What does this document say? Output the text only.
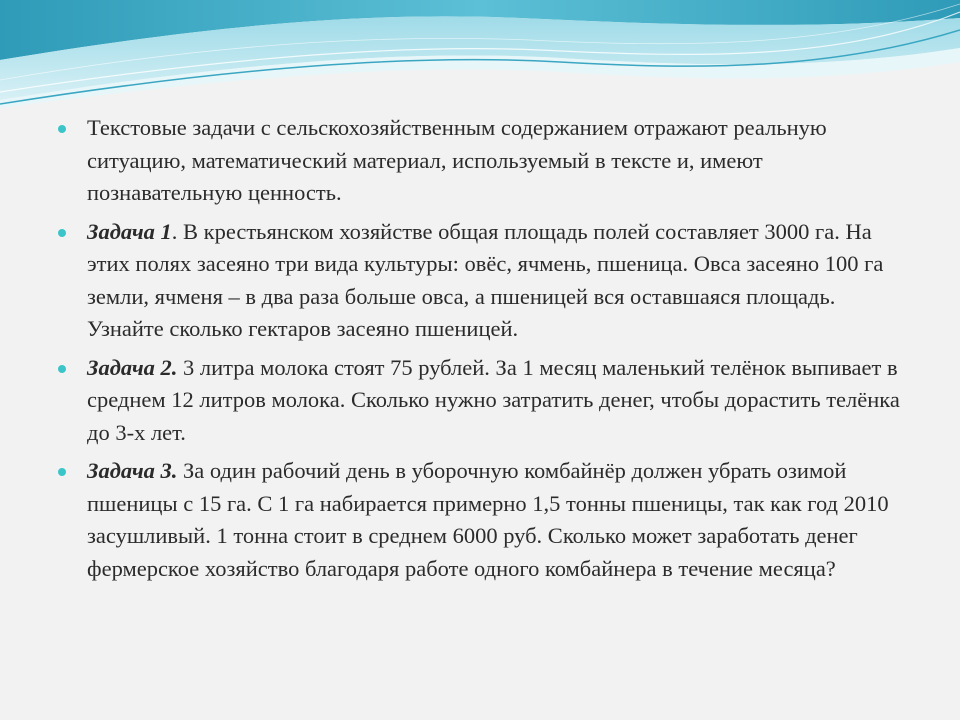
Текстовые задачи с сельскохозяйственным содержанием отражают реальную ситуацию, математический материал, используемый в тексте и, имеют познавательную ценность.
Задача 1. В крестьянском хозяйстве общая площадь полей составляет 3000 га. На этих полях засеяно три вида культуры: овёс, ячмень, пшеница. Овса засеяно 100 га земли, ячменя – в два раза больше овса, а пшеницей вся оставшаяся площадь. Узнайте сколько гектаров засеяно пшеницей.
Задача 2. 3 литра молока стоят 75 рублей. За 1 месяц маленький телёнок выпивает в среднем 12 литров молока. Сколько нужно затратить денег, чтобы дорастить телёнка до 3-х лет.
Задача 3. За один рабочий день в уборочную комбайнёр должен убрать озимой пшеницы с 15 га. С 1 га набирается примерно 1,5 тонны пшеницы, так как год 2010 засушливый. 1 тонна стоит в среднем 6000 руб. Сколько может заработать денег фермерское хозяйство благодаря работе одного комбайнера в течение месяца?
